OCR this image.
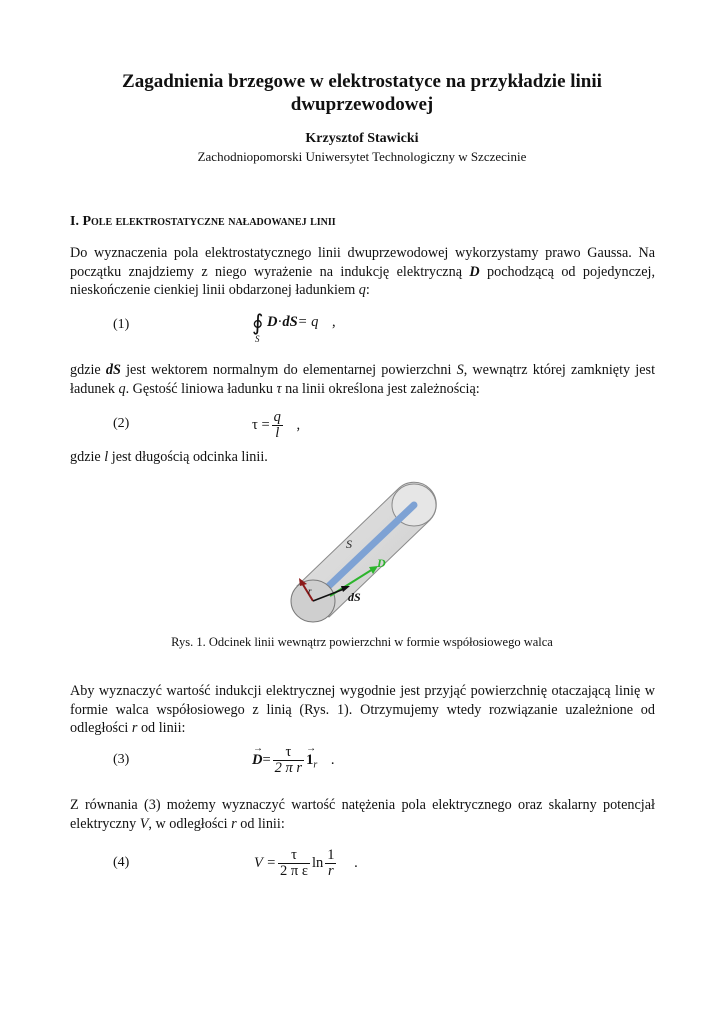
Zagadnienia brzegowe w elektrostatyce na przykładzie linii dwuprzewodowej
Krzysztof Stawicki
Zachodniopomorski Uniwersytet Technologiczny w Szczecinie
I. Pole elektrostatyczne naładowanej linii
Do wyznaczenia pola elektrostatycznego linii dwuprzewodowej wykorzystamy prawo Gaussa. Na początku znajdziemy z niego wyrażenie na indukcję elektryczną D pochodzącą od pojedynczej, nieskończenie cienkiej linii obdarzonej ładunkiem q:
(1)	∮
S
D·dS= q ,
gdzie dS jest wektorem normalnym do elementarnej powierzchni S, wewnątrz której zamknięty jest ładunek q. Gęstość liniowa ładunku τ na linii określona jest zależnością:
(2)	$\tau = \frac{q}{l}$ ,
gdzie l jest długością odcinka linii.
S
D
dS
r
Rys. 1. Odcinek linii wewnątrz powierzchni w formie współosiowego walca
Aby wyznaczyć wartość indukcji elektrycznej wygodnie jest przyjąć powierzchnię otaczającą linię w formie walca współosiowego z linią (Rys. 1). Otrzymujemy wtedy rozwiązanie uzależnione od odległości r od linii:
(3)
→
$D= \frac{\tau}{\text{2 π r}}$ →
$1_r$ .
Z równania (3) możemy wyznaczyć wartość natężenia pola elektrycznego oraz skalarny potencjał elektryczny V, w odległości r od linii:
(4)	$V = \frac{\tau}{\text{2 π ε}}$ $\ln \frac{1}{r}$ .
